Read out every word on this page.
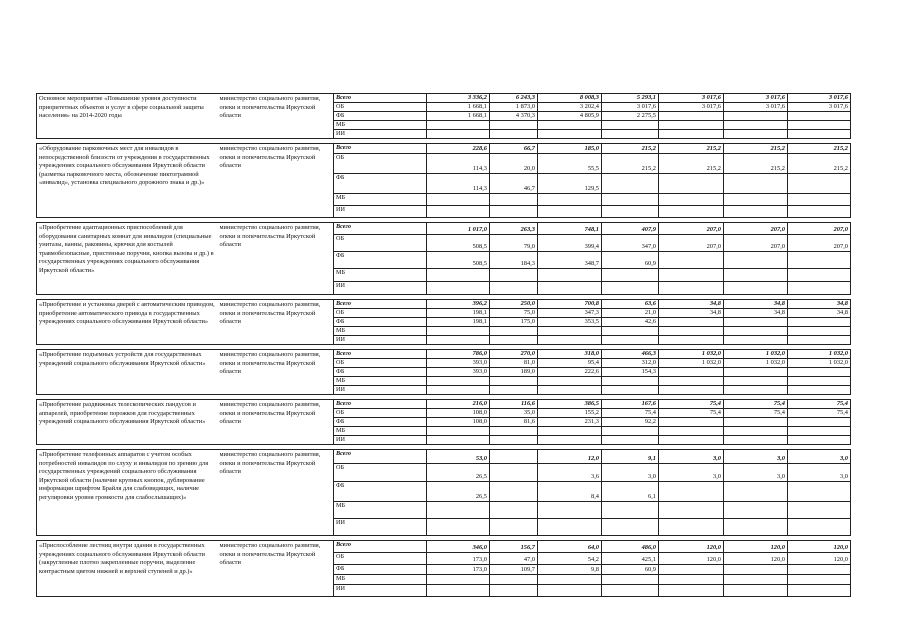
Основное мероприятие «Повышение уровня доступности приоритетных объектов и услуг в сфере социальной защиты населения» на 2014-2020 годы	министерство социального развития, опеки и попечительства Иркутской области	Всего	3 336,2	6 243,3	8 008,3	5 293,1	3 017,6	3 017,6	3 017,6
		ОБ	1 668,1	1 873,0	3 202,4	3 017,6	3 017,6	3 017,6	3 017,6
		ФБ	1 668,1	4 370,3	4 805,9	2 275,5			
		МБ							
		ИИ							

«Оборудование парковочных мест для инвалидов в непосредственной близости от учреждения в государственных учреждениях социального обслуживания Иркутской области (разметка парковочного места, обозначение пиктограммой «инвалид», установка специального дорожного знака и др.)»	министерство социального развития, опеки и попечительства Иркутской области	Всего	228,6	66,7	185,0	215,2	215,2	215,2	215,2
		ОБ	114,3	20,0	55,5	215,2	215,2	215,2	215,2
		ФБ	114,3	46,7	129,5				
		МБ							
		ИИ							

«Приобретение адаптационных приспособлений для оборудования санитарных комнат для инвалидов (специальные унитазы, ванны, раковины, крючки для костылей травмобезопасные, пристенные поручни, кнопка вызова и др.) в государственных учреждениях социального обслуживания Иркутской области»	министерство социального развития, опеки и попечительства Иркутской области	Всего	1 017,0	263,3	748,1	407,9	207,0	207,0	207,0
		ОБ	508,5	79,0	399,4	347,0	207,0	207,0	207,0
		ФБ	508,5	184,3	348,7	60,9			
		МБ							
		ИИ							

«Приобретение и установка дверей с автоматическим приводом, приобретение автоматического привода в государственных учреждениях социального обслуживания Иркутской области»	министерство социального развития, опеки и попечительства Иркутской области	Всего	396,2	250,0	700,8	63,6	34,8	34,8	34,8
		ОБ	198,1	75,0	347,3	21,0	34,8	34,8	34,8
		ФБ	198,1	175,0	353,5	42,6			
		МБ							
		ИИ							

«Приобретение подъемных устройств для государственных учреждений социального обслуживания Иркутской области»	министерство социального развития, опеки и попечительства Иркутской области	Всего	786,0	270,0	318,0	466,3	1 032,0	1 032,0	1 032,0
		ОБ	393,0	81,0	95,4	312,0	1 032,0	1 032,0	1 032,0
		ФБ	393,0	189,0	222,6	154,3			
		МБ							
		ИИ							

«Приобретение раздвижных телескопических пандусов и аппарелей, приобретение порожков для государственных учреждений социального обслуживания Иркутской области»	министерство социального развития, опеки и попечительства Иркутской области	Всего	216,0	116,6	386,5	167,6	75,4	75,4	75,4
		ОБ	108,0	35,0	155,2	75,4	75,4	75,4	75,4
		ФБ	108,0	81,6	231,3	92,2			
		МБ							
		ИИ							

«Приобретение телефонных аппаратов с учетом особых потребностей инвалидов по слуху и инвалидов по зрению для государственных учреждений социального обслуживания Иркутской области (наличие крупных кнопок, дублирование информации шрифтом Брайля для слабовидящих, наличие регулировки уровня громкости для слабослышащих)»	министерство социального развития, опеки и попечительства Иркутской области	Всего	53,0		12,0	9,1	3,0	3,0	3,0
		ОБ	26,5		3,6	3,0	3,0	3,0	3,0
		ФБ	26,5		8,4	6,1			
		МБ							
		ИИ							

«Приспособление лестниц внутри здания в государственных учреждениях социального обслуживания Иркутской области (закругленные плотно закрепленные поручни, выделение контрастным цветом нижней и верхней ступеней и др.)»	министерство социального развития, опеки и попечительства Иркутской области	Всего	346,0	156,7	64,0	486,0	120,0	120,0	120,0
		ОБ	173,0	47,0	54,2	425,1	120,0	120,0	120,0
		ФБ	173,0	109,7	9,8	60,9			
		МБ							
		ИИ							
